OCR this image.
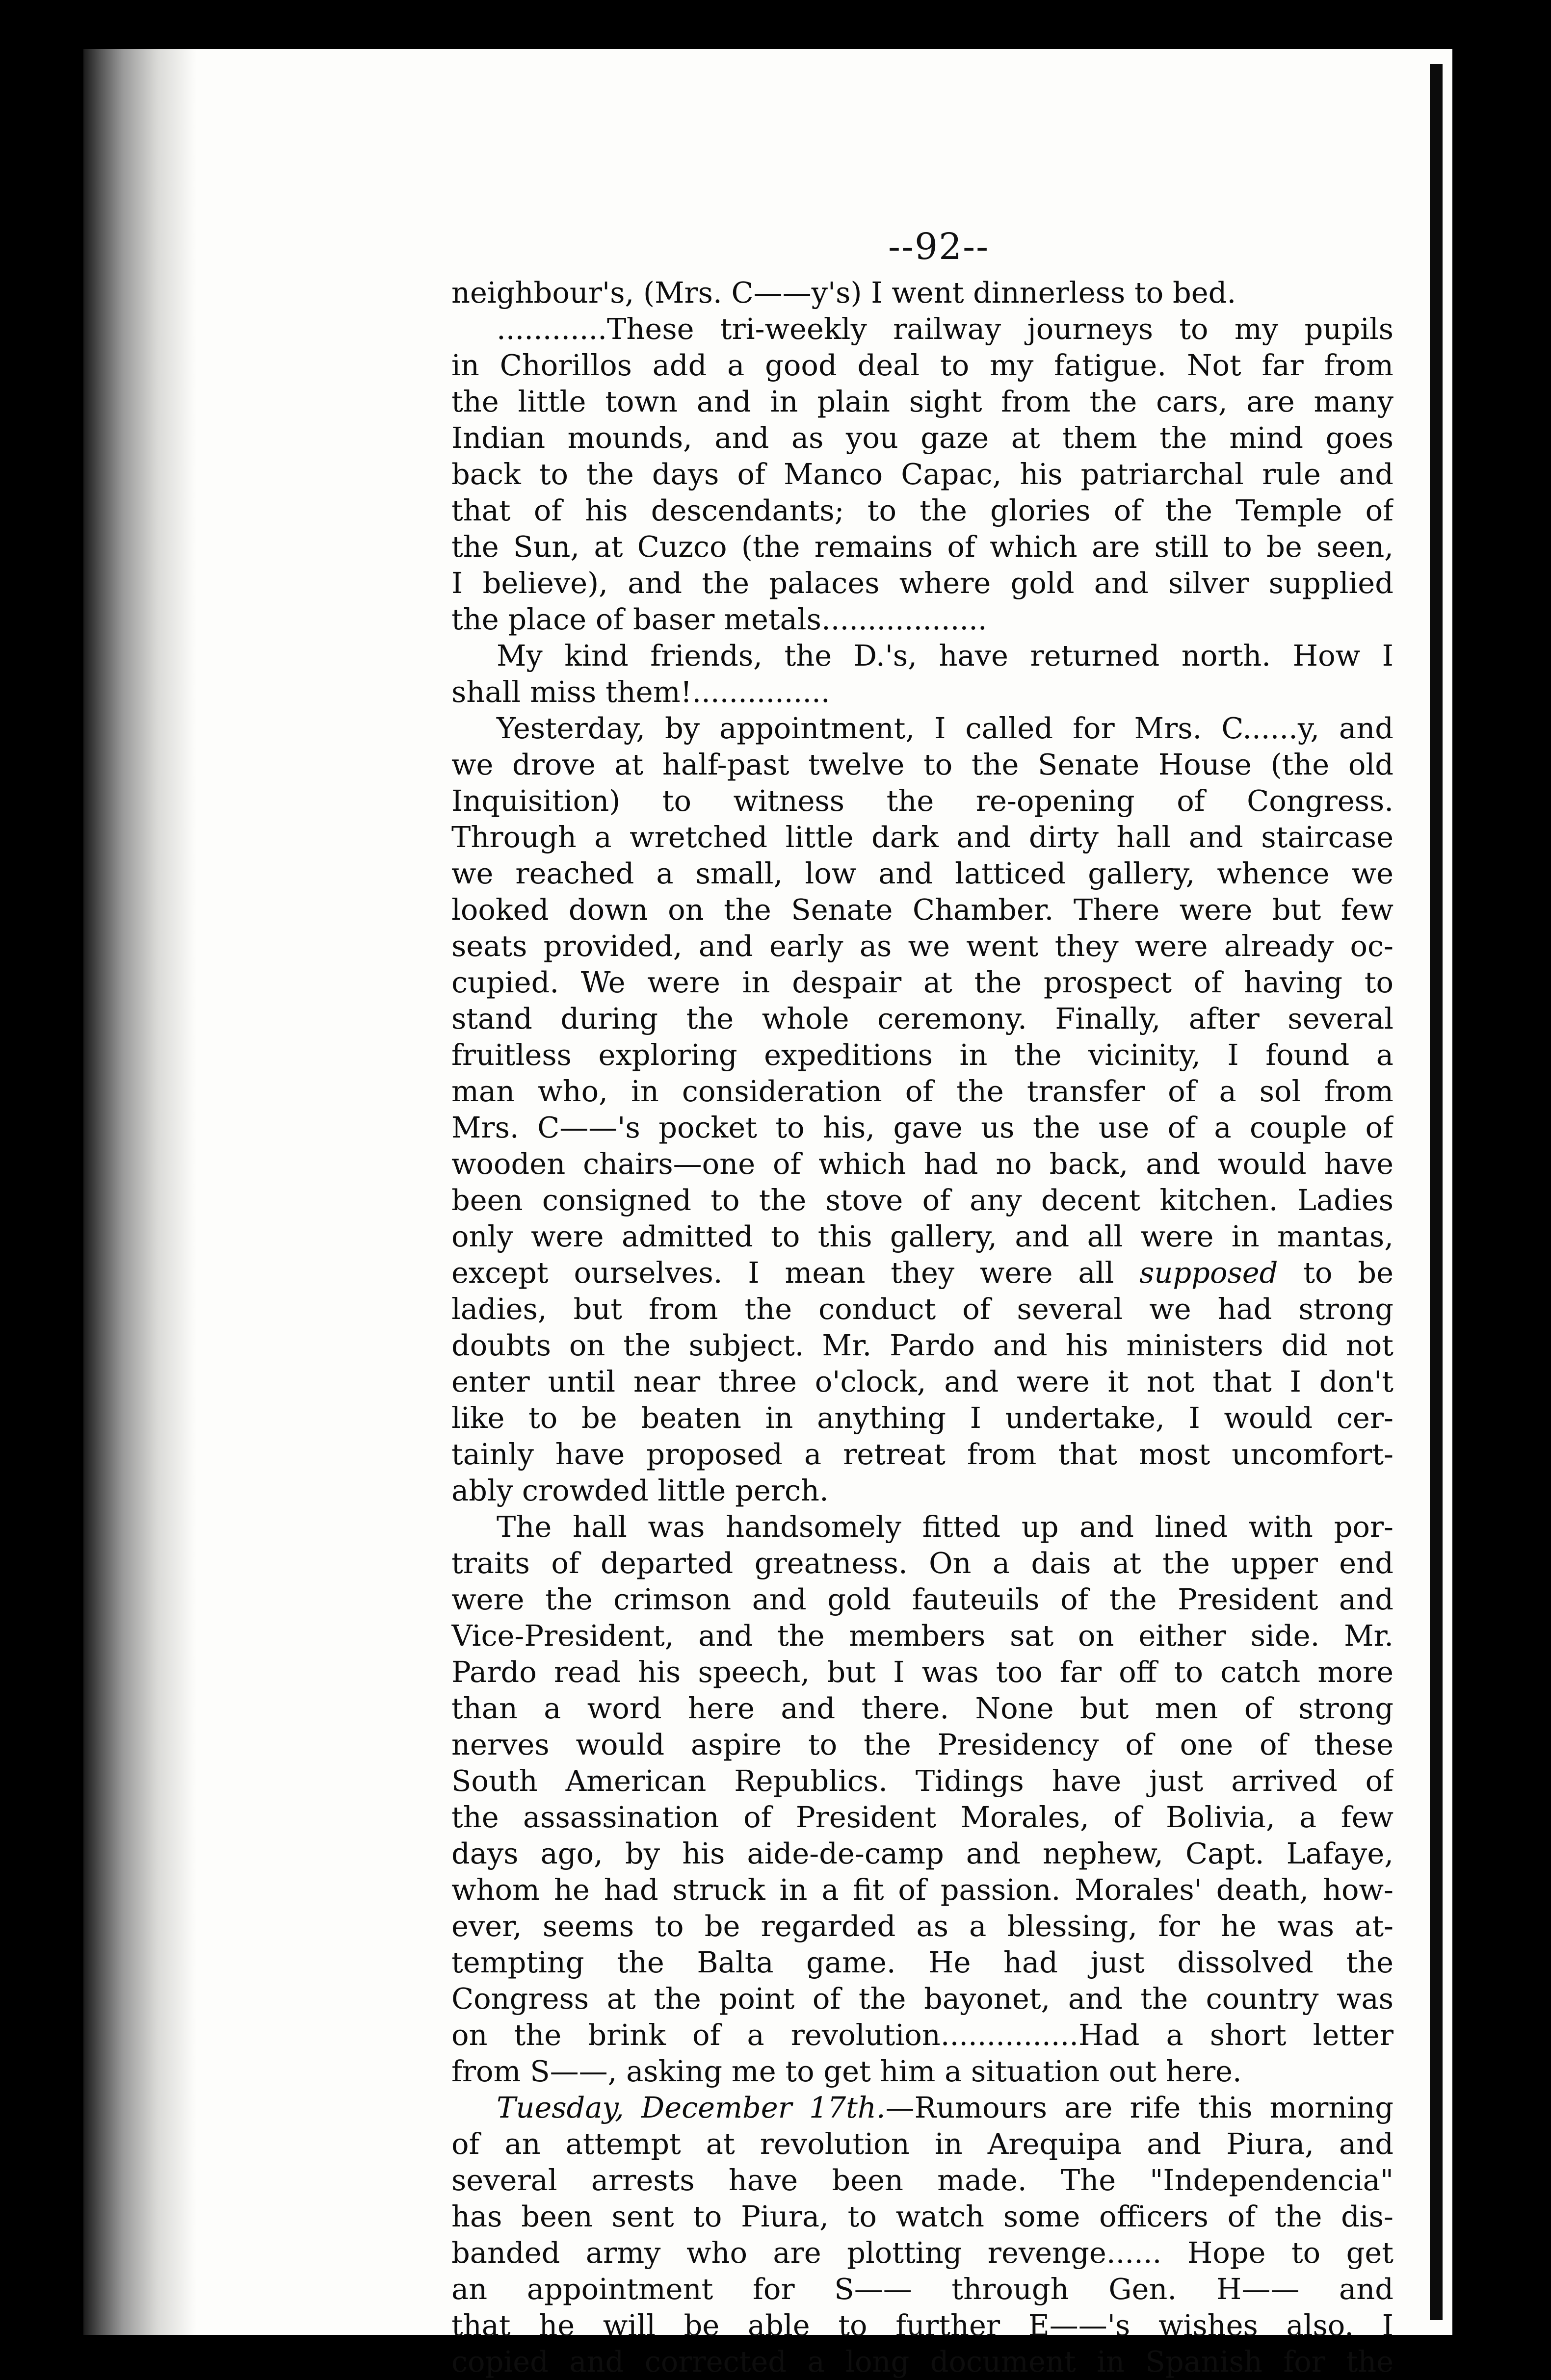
--92--
neighbour's, (Mrs. C——y's) I went dinnerless to bed.
............These tri-weekly railway journeys to my pupils
in Chorillos add a good deal to my fatigue. Not far from
the little town and in plain sight from the cars, are many
Indian mounds, and as you gaze at them the mind goes
back to the days of Manco Capac, his patriarchal rule and
that of his descendants; to the glories of the Temple of
the Sun, at Cuzco (the remains of which are still to be seen,
I believe), and the palaces where gold and silver supplied
the place of baser metals..................
My kind friends, the D.'s, have returned north. How I
shall miss them!...............
Yesterday, by appointment, I called for Mrs. C......y, and
we drove at half-past twelve to the Senate House (the old
Inquisition) to witness the re-opening of Congress.
Through a wretched little dark and dirty hall and staircase
we reached a small, low and latticed gallery, whence we
looked down on the Senate Chamber. There were but few
seats provided, and early as we went they were already oc-
cupied. We were in despair at the prospect of having to
stand during the whole ceremony. Finally, after several
fruitless exploring expeditions in the vicinity, I found a
man who, in consideration of the transfer of a sol from
Mrs. C——'s pocket to his, gave us the use of a couple of
wooden chairs—one of which had no back, and would have
been consigned to the stove of any decent kitchen. Ladies
only were admitted to this gallery, and all were in mantas,
except ourselves. I mean they were all supposed to be
ladies, but from the conduct of several we had strong
doubts on the subject. Mr. Pardo and his ministers did not
enter until near three o'clock, and were it not that I don't
like to be beaten in anything I undertake, I would cer-
tainly have proposed a retreat from that most uncomfort-
ably crowded little perch.
The hall was handsomely fitted up and lined with por-
traits of departed greatness. On a dais at the upper end
were the crimson and gold fauteuils of the President and
Vice-President, and the members sat on either side. Mr.
Pardo read his speech, but I was too far off to catch more
than a word here and there. None but men of strong
nerves would aspire to the Presidency of one of these
South American Republics. Tidings have just arrived of
the assassination of President Morales, of Bolivia, a few
days ago, by his aide-de-camp and nephew, Capt. Lafaye,
whom he had struck in a fit of passion. Morales' death, how-
ever, seems to be regarded as a blessing, for he was at-
tempting the Balta game. He had just dissolved the
Congress at the point of the bayonet, and the country was
on the brink of a revolution...............Had a short letter
from S——, asking me to get him a situation out here.
Tuesday, December 17th.—Rumours are rife this morning
of an attempt at revolution in Arequipa and Piura, and
several arrests have been made. The "Independencia"
has been sent to Piura, to watch some officers of the dis-
banded army who are plotting revenge...... Hope to get
an appointment for S—— through Gen. H—— and
that he will be able to further E——'s wishes also. I
copied and corrected a long document in Spanish for the
